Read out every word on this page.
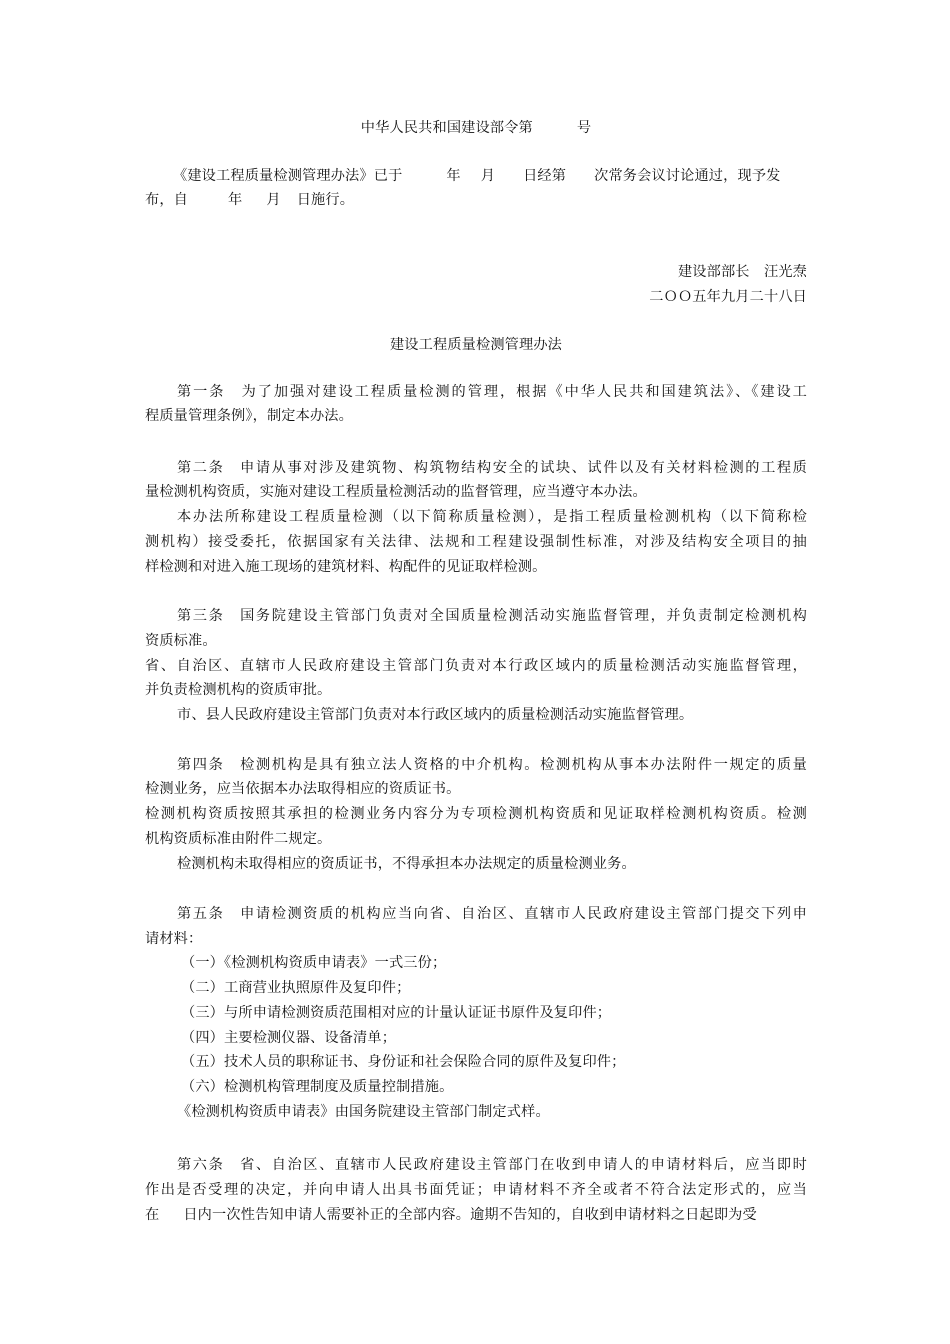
中华人民共和国建设部令第	号
《建设工程质量检测管理办法》已于	年 月 日经第 次常务会议讨论通过，现予发
布，自	年 月 日施行。
建设部部长　汪光焘
二ＯＯ五年九月二十八日
建设工程质量检测管理办法
第一条　为了加强对建设工程质量检测的管理，根据《中华人民共和国建筑法》、《建设工
程质量管理条例》，制定本办法。
第二条　申请从事对涉及建筑物、构筑物结构安全的试块、试件以及有关材料检测的工程质
量检测机构资质，实施对建设工程质量检测活动的监督管理，应当遵守本办法。
本办法所称建设工程质量检测（以下简称质量检测），是指工程质量检测机构（以下简称检
测机构）接受委托，依据国家有关法律、法规和工程建设强制性标准，对涉及结构安全项目的抽
样检测和对进入施工现场的建筑材料、构配件的见证取样检测。
第三条　国务院建设主管部门负责对全国质量检测活动实施监督管理，并负责制定检测机构
资质标准。
省、自治区、直辖市人民政府建设主管部门负责对本行政区域内的质量检测活动实施监督管理，
并负责检测机构的资质审批。
市、县人民政府建设主管部门负责对本行政区域内的质量检测活动实施监督管理。
第四条　检测机构是具有独立法人资格的中介机构。检测机构从事本办法附件一规定的质量
检测业务，应当依据本办法取得相应的资质证书。
检测机构资质按照其承担的检测业务内容分为专项检测机构资质和见证取样检测机构资质。检测
机构资质标准由附件二规定。
检测机构未取得相应的资质证书，不得承担本办法规定的质量检测业务。
第五条　申请检测资质的机构应当向省、自治区、直辖市人民政府建设主管部门提交下列申
请材料：
（一）《检测机构资质申请表》一式三份；
（二）工商营业执照原件及复印件；
（三）与所申请检测资质范围相对应的计量认证证书原件及复印件；
（四）主要检测仪器、设备清单；
（五）技术人员的职称证书、身份证和社会保险合同的原件及复印件；
（六）检测机构管理制度及质量控制措施。
《检测机构资质申请表》由国务院建设主管部门制定式样。
第六条　省、自治区、直辖市人民政府建设主管部门在收到申请人的申请材料后，应当即时
作出是否受理的决定，并向申请人出具书面凭证；申请材料不齐全或者不符合法定形式的，应当
在 日内一次性告知申请人需要补正的全部内容。逾期不告知的，自收到申请材料之日起即为受
